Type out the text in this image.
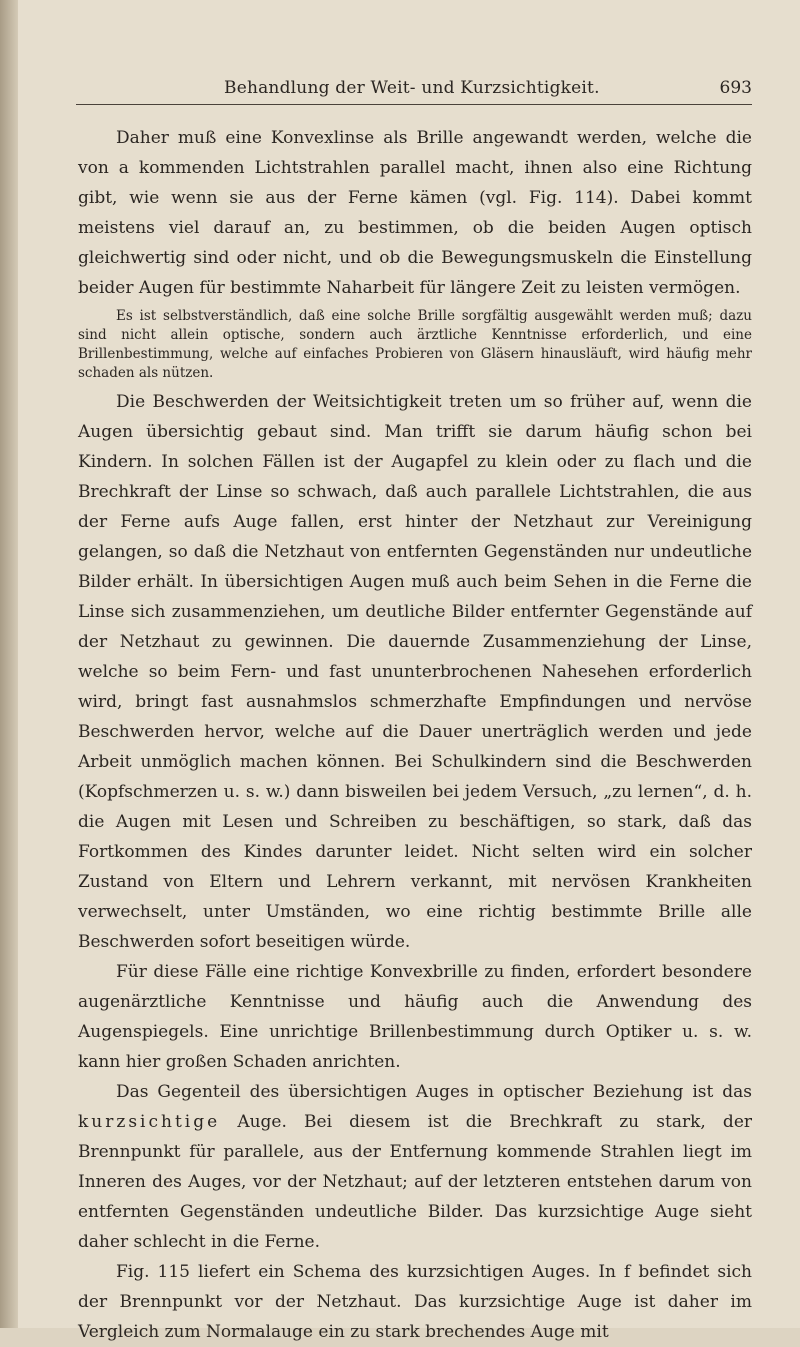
Behandlung der Weit- und Kurzsichtigkeit.	693

Daher muß eine Konvexlinse als Brille angewandt werden, welche die von a kommenden Lichtstrahlen parallel macht, ihnen also eine Richtung gibt, wie wenn sie aus der Ferne kämen (vgl. Fig. 114). Dabei kommt meistens viel darauf an, zu bestimmen, ob die beiden Augen optisch gleichwertig sind oder nicht, und ob die Bewegungsmuskeln die Einstellung beider Augen für bestimmte Naharbeit für längere Zeit zu leisten vermögen.

Es ist selbstverständlich, daß eine solche Brille sorgfältig ausgewählt werden muß; dazu sind nicht allein optische, sondern auch ärztliche Kenntnisse erforderlich, und eine Brillenbestimmung, welche auf einfaches Probieren von Gläsern hinausläuft, wird häufig mehr schaden als nützen.

Die Beschwerden der Weitsichtigkeit treten um so früher auf, wenn die Augen übersichtig gebaut sind. Man trifft sie darum häufig schon bei Kindern. In solchen Fällen ist der Augapfel zu klein oder zu flach und die Brechkraft der Linse so schwach, daß auch parallele Lichtstrahlen, die aus der Ferne aufs Auge fallen, erst hinter der Netzhaut zur Vereinigung gelangen, so daß die Netzhaut von entfernten Gegenständen nur undeutliche Bilder erhält. In übersichtigen Augen muß auch beim Sehen in die Ferne die Linse sich zusammenziehen, um deutliche Bilder entfernter Gegenstände auf der Netzhaut zu gewinnen. Die dauernde Zusammenziehung der Linse, welche so beim Fern- und fast ununterbrochenen Nahesehen erforderlich wird, bringt fast ausnahmslos schmerzhafte Empfindungen und nervöse Beschwerden hervor, welche auf die Dauer unerträglich werden und jede Arbeit unmöglich machen können. Bei Schulkindern sind die Beschwerden (Kopfschmerzen u. s. w.) dann bisweilen bei jedem Versuch, „zu lernen“, d. h. die Augen mit Lesen und Schreiben zu beschäftigen, so stark, daß das Fortkommen des Kindes darunter leidet. Nicht selten wird ein solcher Zustand von Eltern und Lehrern verkannt, mit nervösen Krankheiten verwechselt, unter Umständen, wo eine richtig bestimmte Brille alle Beschwerden sofort beseitigen würde.

Für diese Fälle eine richtige Konvexbrille zu finden, erfordert besondere augenärztliche Kenntnisse und häufig auch die Anwendung des Augenspiegels. Eine unrichtige Brillenbestimmung durch Optiker u. s. w. kann hier großen Schaden anrichten.

Das Gegenteil des übersichtigen Auges in optischer Beziehung ist das kurzsichtige Auge. Bei diesem ist die Brechkraft zu stark, der Brennpunkt für parallele, aus der Entfernung kommende Strahlen liegt im Inneren des Auges, vor der Netzhaut; auf der letzteren entstehen darum von entfernten Gegenständen undeutliche Bilder. Das kurzsichtige Auge sieht daher schlecht in die Ferne.

Fig. 115 liefert ein Schema des kurzsichtigen Auges. In f befindet sich der Brennpunkt vor der Netzhaut. Das kurzsichtige Auge ist daher im Vergleich zum Normalauge ein zu stark brechendes Auge mit
